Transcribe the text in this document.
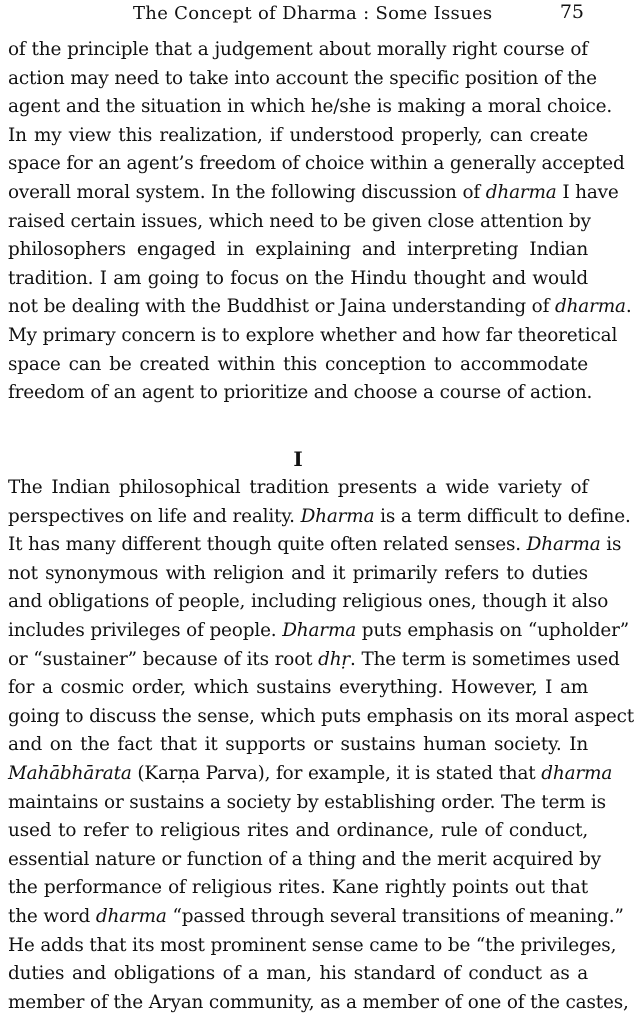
The Concept of Dharma : Some Issues	75
of the principle that a judgement about morally right course of
action may need to take into account the specific position of the
agent and the situation in which he/she is making a moral choice.
In my view this realization, if understood properly, can create
space for an agent’s freedom of choice within a generally accepted
overall moral system. In the following discussion of dharma I have
raised certain issues, which need to be given close attention by
philosophers engaged in explaining and interpreting Indian
tradition. I am going to focus on the Hindu thought and would
not be dealing with the Buddhist or Jaina understanding of dharma.
My primary concern is to explore whether and how far theoretical
space can be created within this conception to accommodate
freedom of an agent to prioritize and choose a course of action.
I
The Indian philosophical tradition presents a wide variety of
perspectives on life and reality. Dharma is a term difficult to define.
It has many different though quite often related senses. Dharma is
not synonymous with religion and it primarily refers to duties
and obligations of people, including religious ones, though it also
includes privileges of people. Dharma puts emphasis on “upholder”
or “sustainer” because of its root dhṛ. The term is sometimes used
for a cosmic order, which sustains everything. However, I am
going to discuss the sense, which puts emphasis on its moral aspect
and on the fact that it supports or sustains human society. In
Mahābhārata (Karṇa Parva), for example, it is stated that dharma
maintains or sustains a society by establishing order. The term is
used to refer to religious rites and ordinance, rule of conduct,
essential nature or function of a thing and the merit acquired by
the performance of religious rites. Kane rightly points out that
the word dharma “passed through several transitions of meaning.”
He adds that its most prominent sense came to be “the privileges,
duties and obligations of a man, his standard of conduct as a
member of the Aryan community, as a member of one of the castes,
